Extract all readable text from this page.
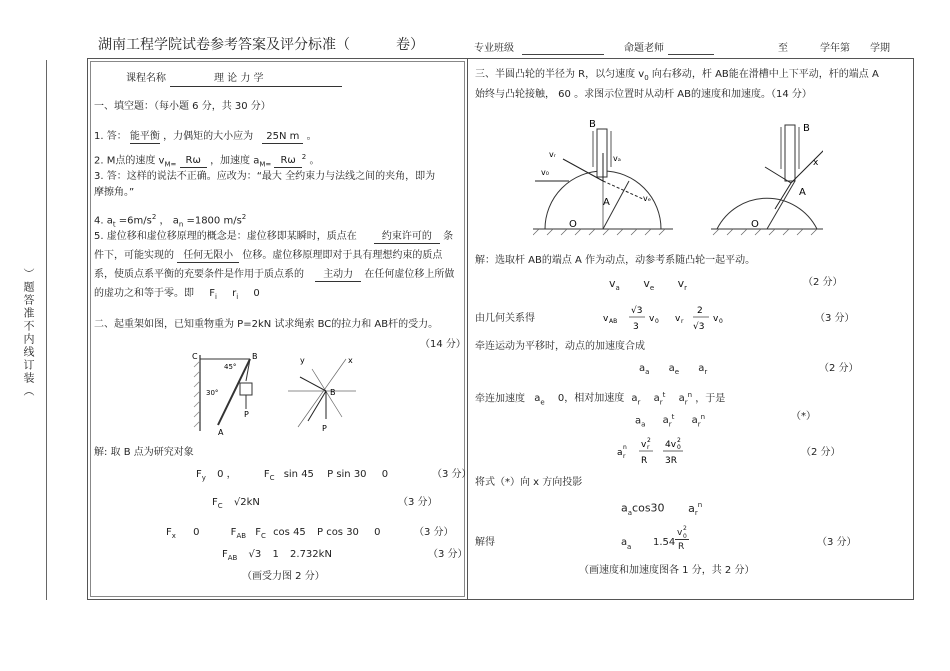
湖南工程学院试卷参考答案及评分标准（	卷）	专业班级	命题老师	至	学年第 学期
）题答准不内线订装（
课程名称	理 论 力 学
一、填空题：（每小题 6 分，共 30 分）
1. 答： 能平衡 ，力偶矩的大小应为 25N m 。
2. M点的速度 $v_{M=}$ Rω ，加速度 $a_{M=}$ Rω $^2$ 。
3. 答：这样的说法不正确。应改为：“最大 全约束力与法线之间的夹角，即为
摩擦角。”
4. $a_t =6m/s^2$ ， $a_n =1800$ $m/s^2$
5. 虚位移和虚位移原理的概念是：虚位移即某瞬时，质点在	约束许可的 条
件下，可能实现的 任何无限小 位移。虚位移原理即对于具有理想约束的质点
系，使质点系平衡的充要条件是作用于质点系的 主动力 在任何虚位移上所做
的虚功之和等于零。即 $F_i$ $r_i$ 0
二、起重架如图，已知重物重为 P=2kN 试求绳索 BC的拉力和 AB杆的受力。
（14 分）
C	B
A
45°
30°
P
y	x
B
P
解: 取 B 点为研究对象
$F_y$ 0 ，	$F_C$ sin 45 P sin 30 0	（3 分）
$F_C$ √2kN	（3 分）
$F_x$ 0	$F_{AB}$ $F_C$ cos 45 P cos 30 0	（3 分）
$F_{AB}$ √3 1 2.732kN	（3 分）
（画受力图 2 分）
三、半圆凸轮的半径为 R，以匀速度 $v_0$ 向右移动，杆 AB能在滑槽中上下平动，杆的端点 A
始终与凸轮接触， 60 。求图示位置时从动杆 AB的速度和加速度。（14 分）
B
A
O
v₀
vᵣ	vₐ
vₑ
B
A
O
x
解：选取杆 AB的端点 A 作为动点，动参考系随凸轮一起平动。
$v_a$ $v_e$ $v_r$
（2 分）
由几何关系得	v AB
√3
3
v 0 v r
2
√3
v 0	（3 分）
牵连运动为平移时，动点的加速度合成
$a_a$ $a_e$ $a_r$	（2 分）
牵连加速度 $a_e$ 0，相对加速度 $a_r$ $a_r^t$ $a_r^n$ ，于是
$a_a$ $a_r^t$ $a_r^n$	（*）
a
n
r
v r
2
R
4v 0
2
3R
（2 分）
将式（*）向 x 方向投影
$a_a\cos 30$ $a_r^n$
解得	a a 1.54
v 2
0
R	（3 分）
（画速度和加速度图各 1 分，共 2 分）
